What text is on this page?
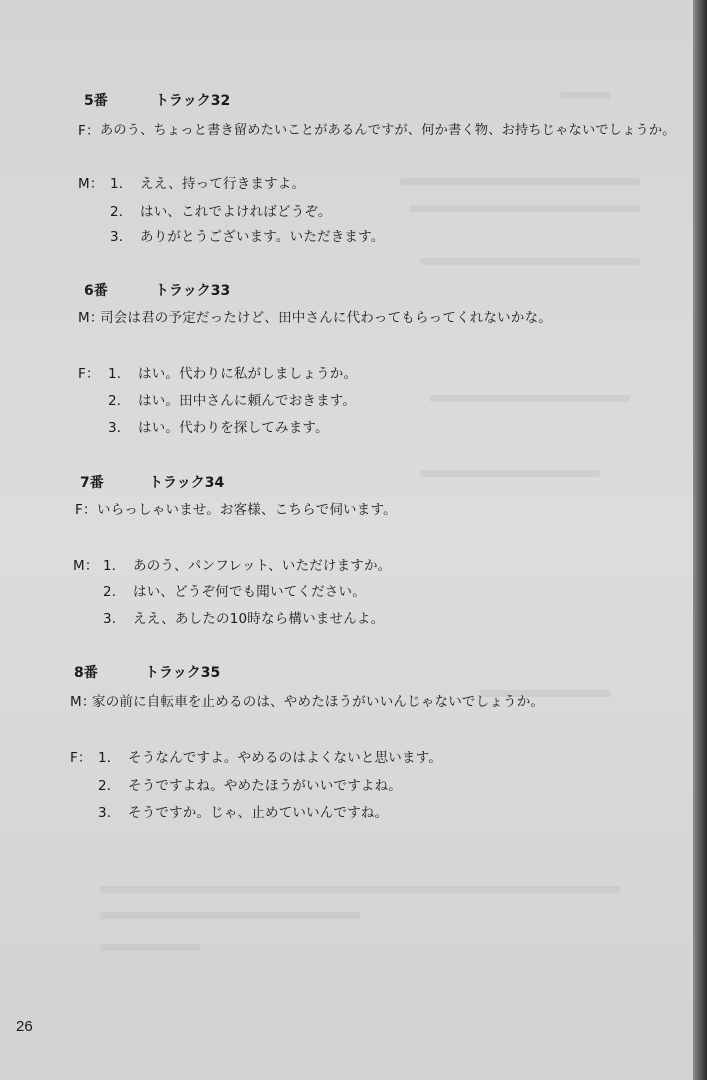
5番	トラック32
F： あのう、ちょっと書き留めたいことがあるんですが、何か書く物、お持ちじゃないでしょうか。
M： 1． ええ、持って行きますよ。
2． はい、これでよければどうぞ。
3． ありがとうございます。いただきます。
6番	トラック33
M：
司会は君の予定だったけど、田中さんに代わってもらってくれないかな。
F： 1． はい。代わりに私がしましょうか。
2． はい。田中さんに頼んでおきます。
3． はい。代わりを探してみます。
7番	トラック34
F： いらっしゃいませ。お客様、こちらで伺います。
M： 1． あのう、パンフレット、いただけますか。
2． はい、どうぞ何でも聞いてください。
3． ええ、あしたの10時なら構いませんよ。
8番	トラック35
M：
家の前に自転車を止めるのは、やめたほうがいいんじゃないでしょうか。
F： 1． そうなんですよ。やめるのはよくないと思います。
2． そうですよね。やめたほうがいいですよね。
3． そうですか。じゃ、止めていいんですね。
26
